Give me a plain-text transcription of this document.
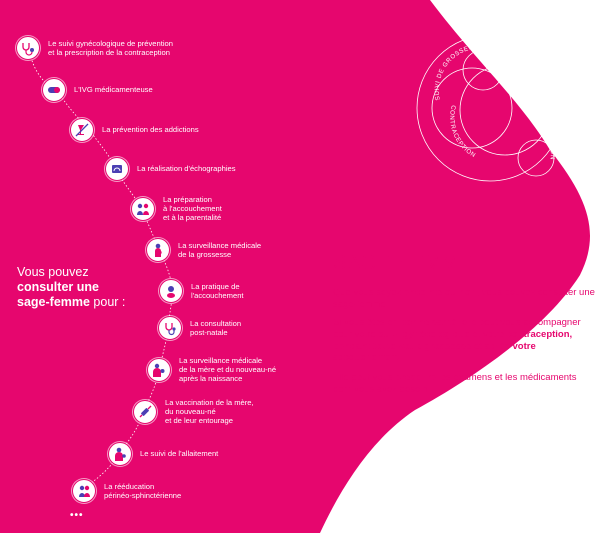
SUIVI GYNÉCOLOGIQUE
SUIVI DE GROSSESSE
CONTRACEPTION
PRÉVENTION
Vous pouvez
consulter une
sage-femme pour :
Le suivi gynécologique de prévention
et la prescription de la contraception
L'IVG médicamenteuse
La prévention des addictions
La réalisation d'échographies
La préparation
à l'accouchement
et à la parentalité
La surveillance médicale
de la grossesse
La pratique de
l'accouchement
La consultation
post-natale
La surveillance médicale
de la mère et du nouveau-né
après la naissance
La vaccination de la mère,
du nouveau-né
et de leur entourage
Le suivi de l'allaitement
La rééducation
périnéo-sphinctérienne
•••
SAGE-FEMME
Que vous soyez enceinte ou non, vous pouvez consulter une sage-femme.
Si vous êtes en bonne santé, elle peut vous accompagner pour votre suivi gynécologique et votre contraception, pendant toute votre grossesse et après votre accouchement.
Elle peut vous prescrire les examens et les médicaments dont vous avez besoin.
